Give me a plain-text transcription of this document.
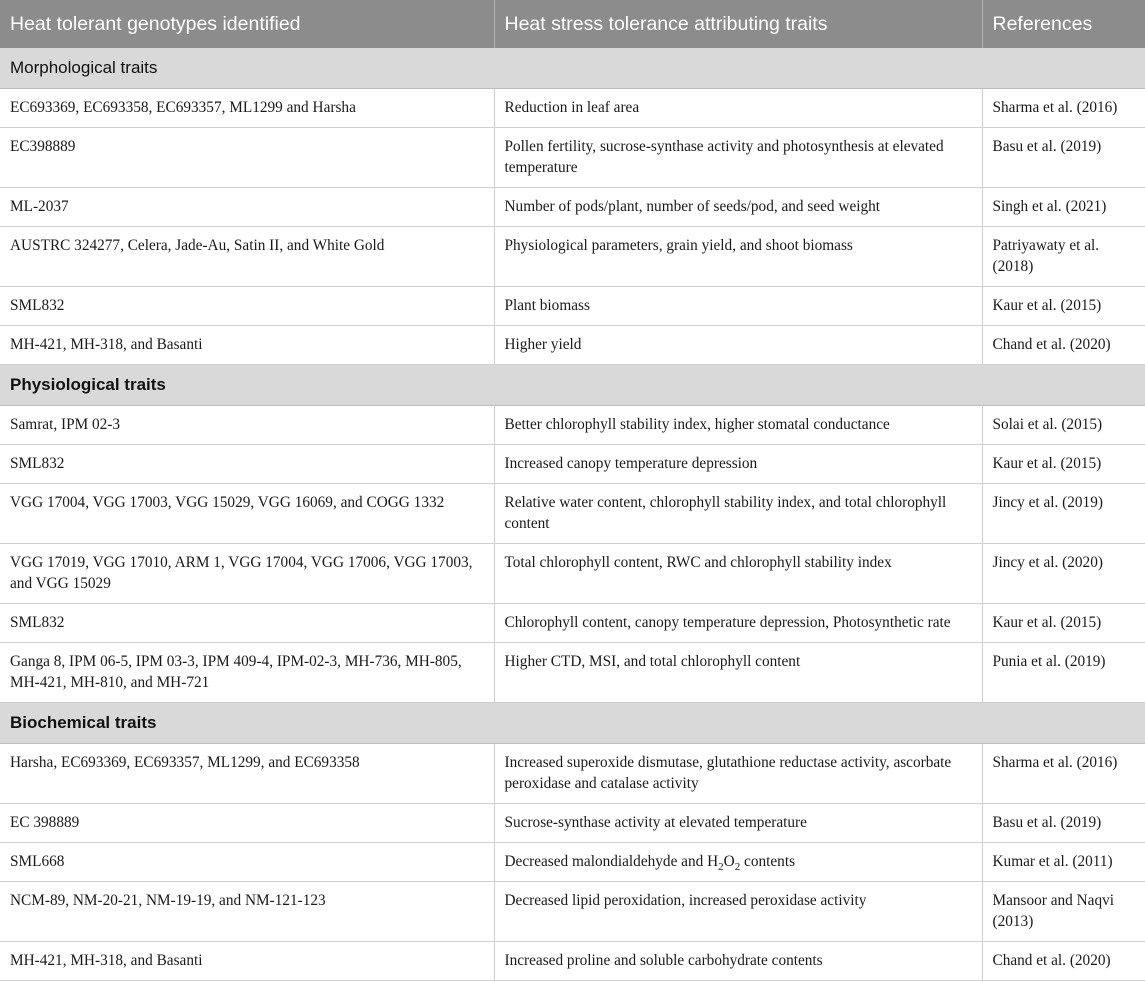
Heat tolerant genotypes identified	Heat stress tolerance attributing traits	References
Morphological traits		
EC693369, EC693358, EC693357, ML1299 and Harsha	Reduction in leaf area	Sharma et al. (2016)
EC398889	Pollen fertility, sucrose-synthase activity and photosynthesis at elevated temperature	Basu et al. (2019)
ML-2037	Number of pods/plant, number of seeds/pod, and seed weight	Singh et al. (2021)
AUSTRC 324277, Celera, Jade-Au, Satin II, and White Gold	Physiological parameters, grain yield, and shoot biomass	Patriyawaty et al. (2018)
SML832	Plant biomass	Kaur et al. (2015)
MH-421, MH-318, and Basanti	Higher yield	Chand et al. (2020)
Physiological traits		
Samrat, IPM 02-3	Better chlorophyll stability index, higher stomatal conductance	Solai et al. (2015)
SML832	Increased canopy temperature depression	Kaur et al. (2015)
VGG 17004, VGG 17003, VGG 15029, VGG 16069, and COGG 1332	Relative water content, chlorophyll stability index, and total chlorophyll content	Jincy et al. (2019)
VGG 17019, VGG 17010, ARM 1, VGG 17004, VGG 17006, VGG 17003, and VGG 15029	Total chlorophyll content, RWC and chlorophyll stability index	Jincy et al. (2020)
SML832	Chlorophyll content, canopy temperature depression, Photosynthetic rate	Kaur et al. (2015)
Ganga 8, IPM 06-5, IPM 03-3, IPM 409-4, IPM-02-3, MH-736, MH-805, MH-421, MH-810, and MH-721	Higher CTD, MSI, and total chlorophyll content	Punia et al. (2019)
Biochemical traits		
Harsha, EC693369, EC693357, ML1299, and EC693358	Increased superoxide dismutase, glutathione reductase activity, ascorbate peroxidase and catalase activity	Sharma et al. (2016)
EC 398889	Sucrose-synthase activity at elevated temperature	Basu et al. (2019)
SML668	Decreased malondialdehyde and $H_2O_2$ contents	Kumar et al. (2011)
NCM-89, NM-20-21, NM-19-19, and NM-121-123	Decreased lipid peroxidation, increased peroxidase activity	Mansoor and Naqvi (2013)
MH-421, MH-318, and Basanti	Increased proline and soluble carbohydrate contents	Chand et al. (2020)
